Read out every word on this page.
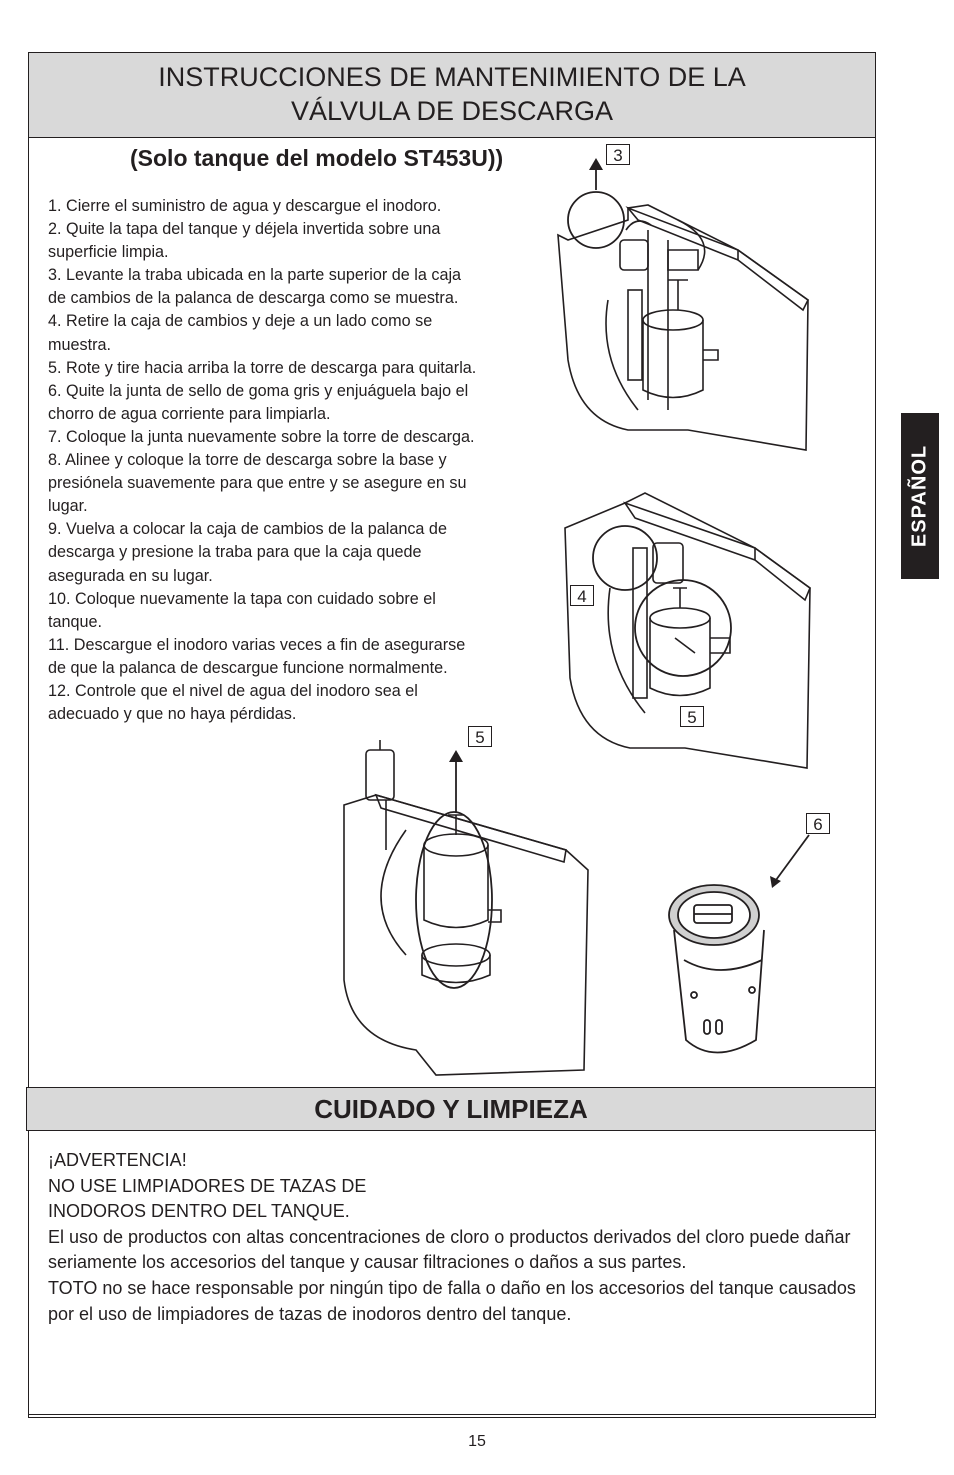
INSTRUCCIONES DE MANTENIMIENTO DE LA
VÁLVULA DE DESCARGA
(Solo tanque del modelo ST453U))
1. Cierre el suministro de agua y descargue el inodoro.
2. Quite la tapa del tanque y déjela invertida sobre una
superficie limpia.
3. Levante la traba ubicada en la parte superior de la caja
de cambios de la palanca de descarga como se muestra.
4. Retire la caja de cambios y deje a un lado como se
muestra.
5. Rote y tire hacia arriba la torre de descarga para quitarla.
6. Quite la junta de sello de goma gris y enjuáguela bajo el
chorro de agua corriente para limpiarla.
7. Coloque la junta nuevamente sobre la torre de descarga.
8. Alinee y coloque la torre de descarga sobre la base y
presiónela suavemente para que entre y se asegure en su
lugar.
9. Vuelva a colocar la caja de cambios de la palanca de
descarga y presione la traba para que la caja quede
asegurada en su lugar.
10. Coloque nuevamente la tapa con cuidado sobre el
tanque.
11. Descargue el inodoro varias veces a fin de asegurarse
de que la palanca de descargue funcione normalmente.
12. Controle que el nivel de agua del inodoro sea el
adecuado y que no haya pérdidas.
3
4
5
5
6
ESPAÑOL
CUIDADO Y LIMPIEZA

¡ADVERTENCIA!

NO USE LIMPIADORES DE TAZAS DE

INODOROS DENTRO DEL TANQUE.

El uso de productos con altas concentraciones de cloro o productos derivados del cloro puede dañar seriamente los accesorios del tanque y causar filtraciones o daños a sus partes.

TOTO no se hace responsable por ningún tipo de falla o daño en los accesorios del tanque causados por el uso de limpiadores de tazas de inodoros dentro del tanque.

15
